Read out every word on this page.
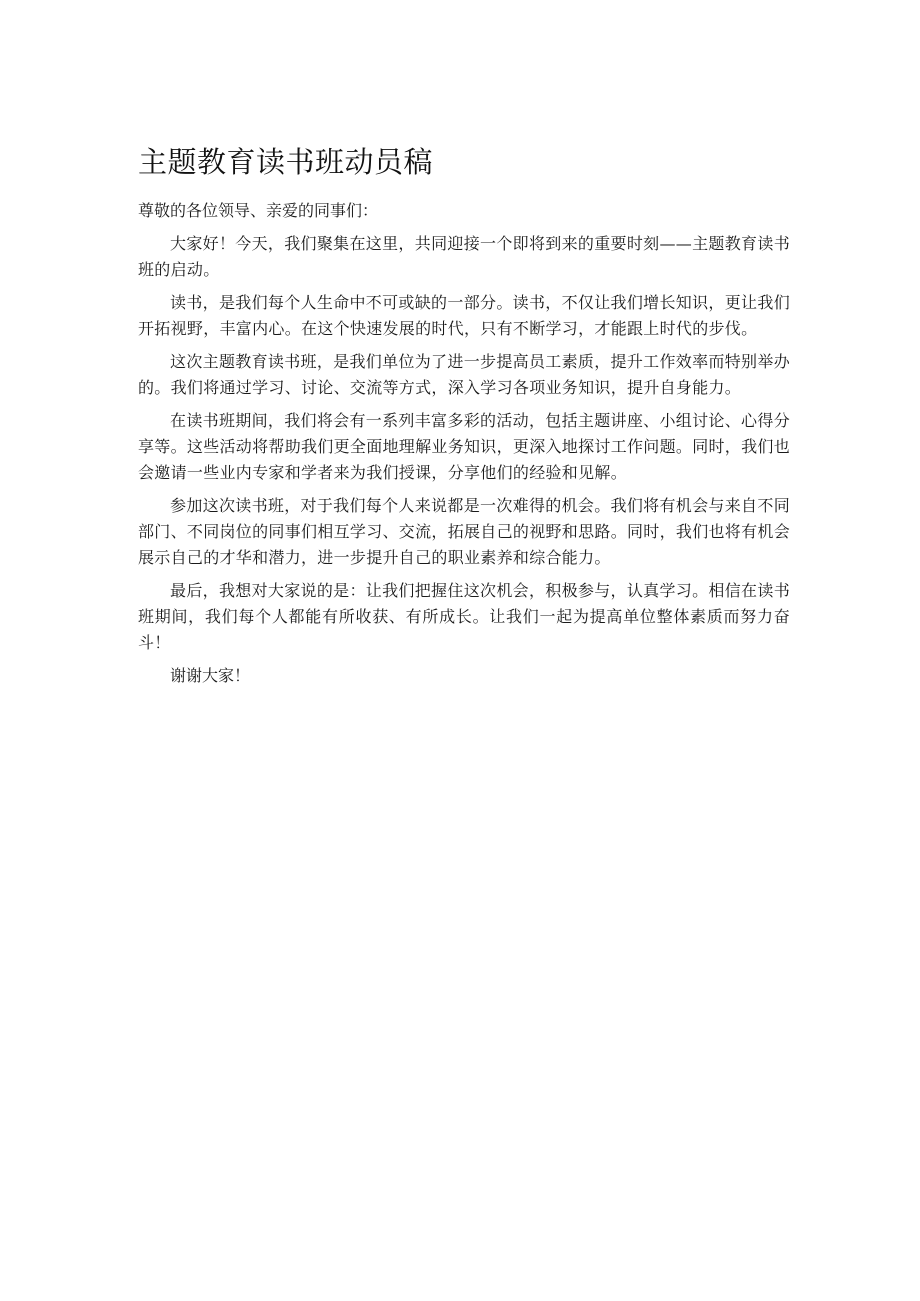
主题教育读书班动员稿

尊敬的各位领导、亲爱的同事们：

大家好！今天，我们聚集在这里，共同迎接一个即将到来的重要时刻——主题教育读书班的启动。

读书，是我们每个人生命中不可或缺的一部分。读书，不仅让我们增长知识，更让我们开拓视野，丰富内心。在这个快速发展的时代，只有不断学习，才能跟上时代的步伐。

这次主题教育读书班，是我们单位为了进一步提高员工素质，提升工作效率而特别举办的。我们将通过学习、讨论、交流等方式，深入学习各项业务知识，提升自身能力。

在读书班期间，我们将会有一系列丰富多彩的活动，包括主题讲座、小组讨论、心得分享等。这些活动将帮助我们更全面地理解业务知识，更深入地探讨工作问题。同时，我们也会邀请一些业内专家和学者来为我们授课，分享他们的经验和见解。

参加这次读书班，对于我们每个人来说都是一次难得的机会。我们将有机会与来自不同部门、不同岗位的同事们相互学习、交流，拓展自己的视野和思路。同时，我们也将有机会展示自己的才华和潜力，进一步提升自己的职业素养和综合能力。

最后，我想对大家说的是：让我们把握住这次机会，积极参与，认真学习。相信在读书班期间，我们每个人都能有所收获、有所成长。让我们一起为提高单位整体素质而努力奋斗！

谢谢大家！
